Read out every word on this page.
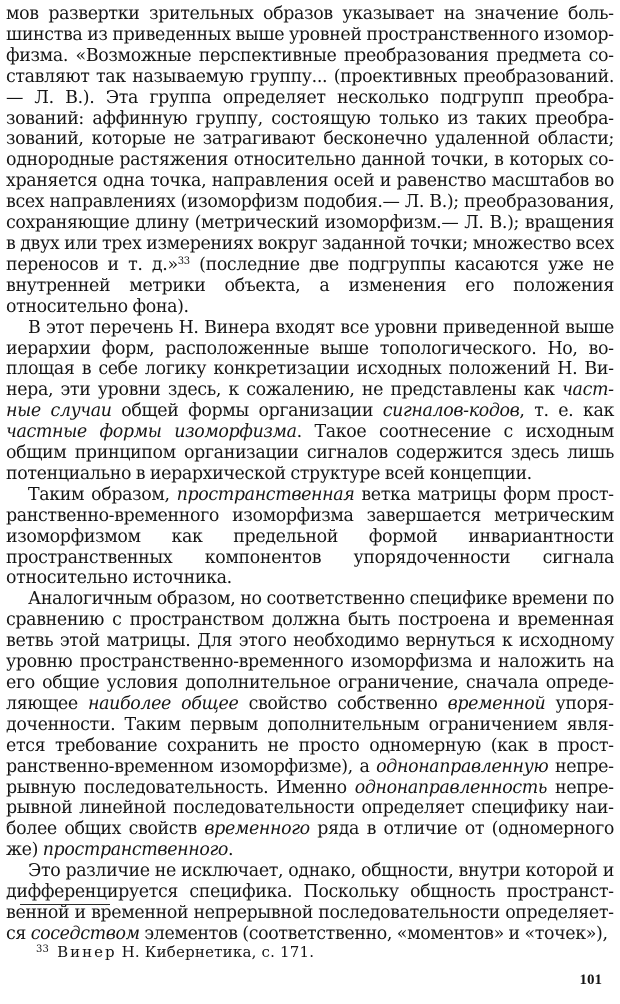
мов развертки зрительных образов указывает на значение большинства из приведенных выше уровней пространственного изоморфизма. «Возможные перспективные преобразования предмета составляют так называемую группу... (проективных преобразований.— Л. В.). Эта группа определяет несколько подгрупп преобразований: аффинную группу, состоящую только из таких преобразований, которые не затрагивают бесконечно удаленной области; однородные растяжения относительно данной точки, в которых сохраняется одна точка, направления осей и равенство масштабов во всех направлениях (изоморфизм подобия.— Л. В.); преобразования, сохраняющие длину (метрический изоморфизм.— Л. В.); вращения в двух или трех измерениях вокруг заданной точки; множество всех переносов и т. д.»$^{33}$ (последние две подгруппы касаются уже не внутренней метрики объекта, а изменения его положения относительно фона).

В этот перечень Н. Винера входят все уровни приведенной выше иерархии форм, расположенные выше топологического. Но, воплощая в себе логику конкретизации исходных положений Н. Винера, эти уровни здесь, к сожалению, не представлены как частные случаи общей формы организации сигналов-кодов, т. е. как частные формы изоморфизма. Такое соотнесение с исходным общим принципом организации сигналов содержится здесь лишь потенциально в иерархической структуре всей концепции.

Таким образом, пространственная ветка матрицы форм пространственно-временного изоморфизма завершается метрическим изоморфизмом как предельной формой инвариантности пространственных компонентов упорядоченности сигнала относительно источника.

Аналогичным образом, но соответственно специфике времени по сравнению с пространством должна быть построена и временная ветвь этой матрицы. Для этого необходимо вернуться к исходному уровню пространственно-временного изоморфизма и наложить на его общие условия дополнительное ограничение, сначала определяющее наиболее общее свойство собственно временной упорядоченности. Таким первым дополнительным ограничением является требование сохранить не просто одномерную (как в пространственно-временном изоморфизме), а однонаправленную непрерывную последовательность. Именно однонаправленность непрерывной линейной последовательности определяет специфику наиболее общих свойств временного ряда в отличие от (одномерного же) пространственного.

Это различие не исключает, однако, общности, внутри которой и дифференцируется специфика. Поскольку общность пространственной и временной непрерывной последовательности определяется соседством элементов (соответственно, «моментов» и «точек»),

$^{33}$ Винер Н. Кибернетика, с. 171.
101
